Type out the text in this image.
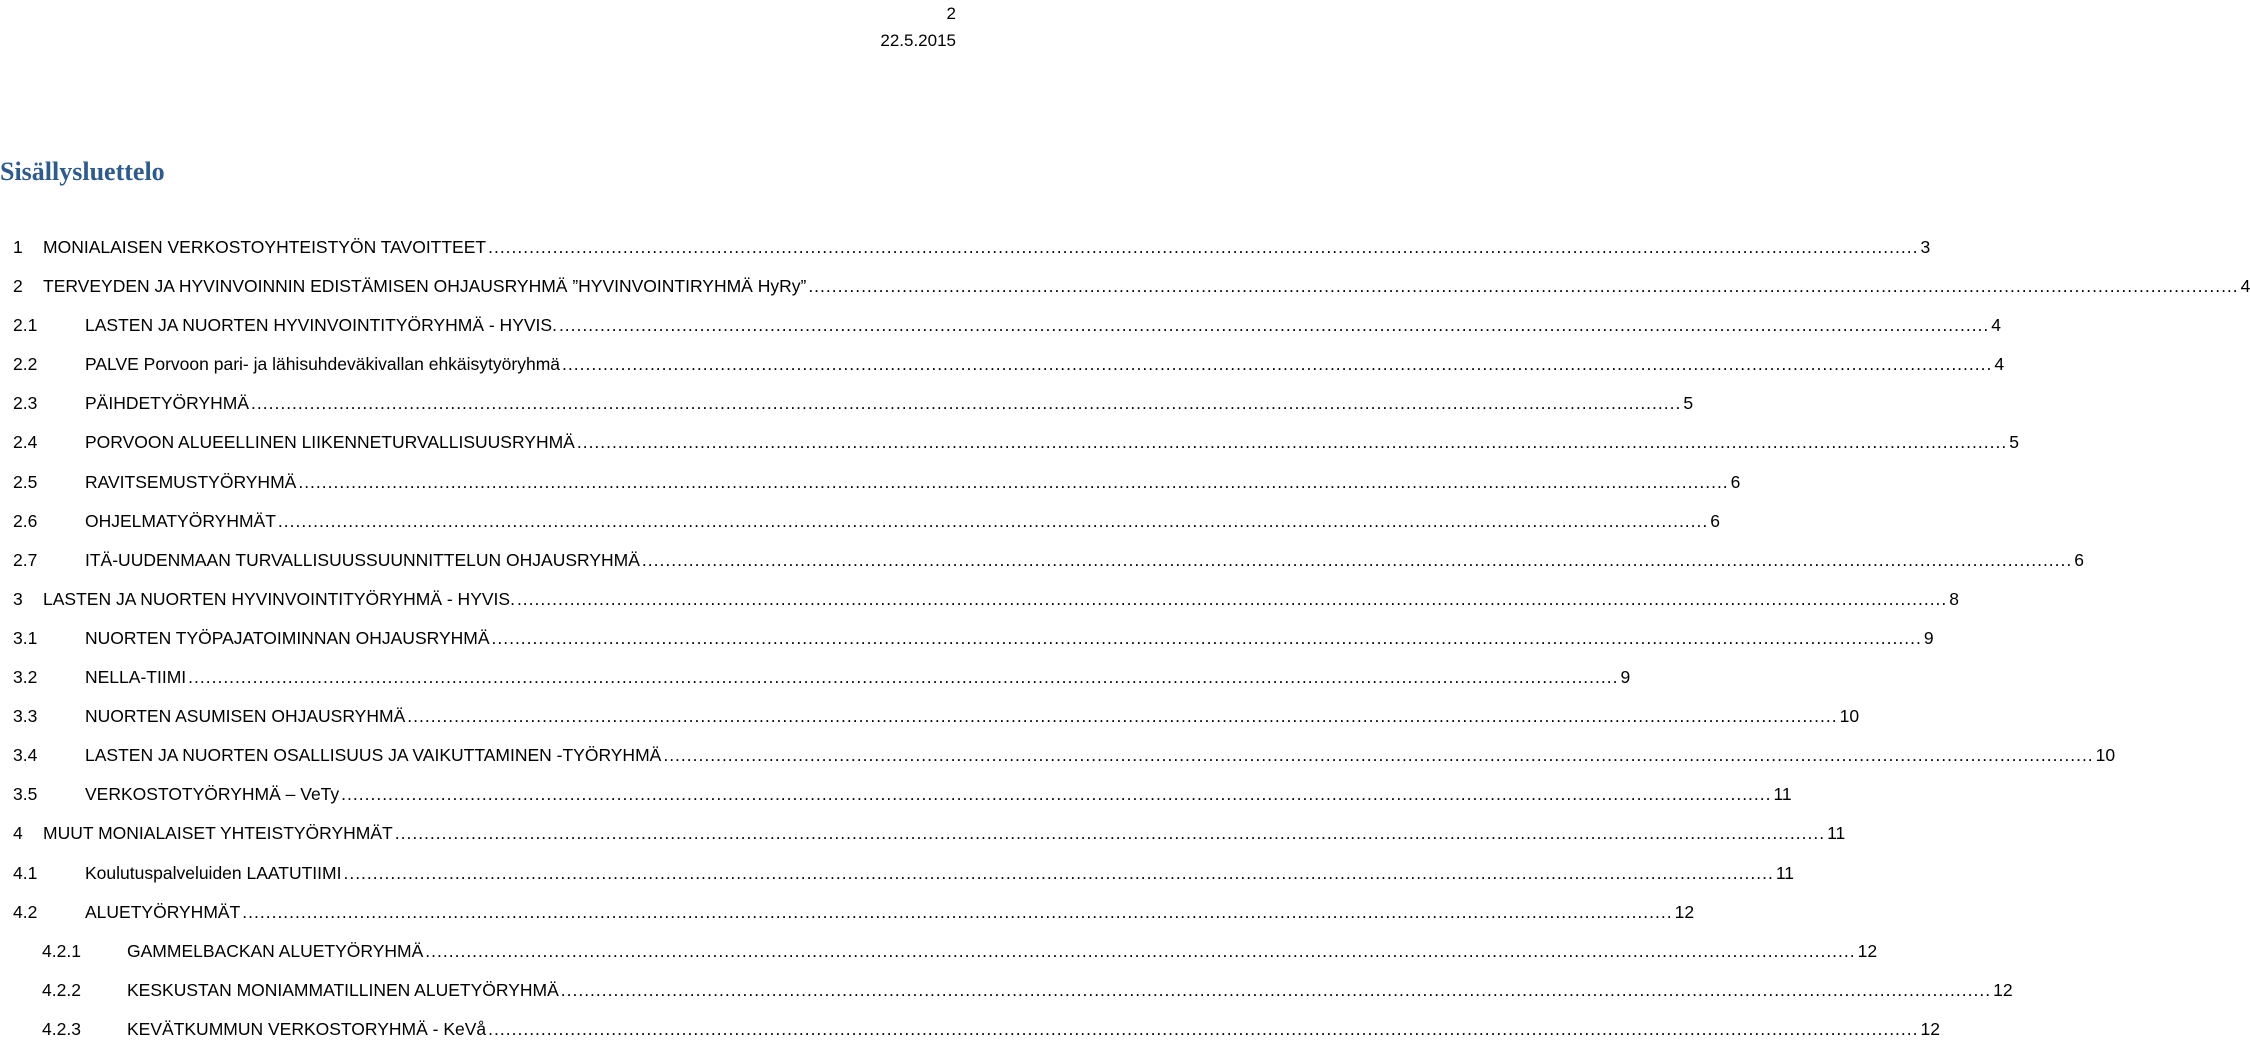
2
22.5.2015
Sisällysluettelo
1	MONIALAISEN VERKOSTOYHTEISTYÖN TAVOITTEET .....	3
2	TERVEYDEN JA HYVINVOINNIN EDISTÄMISEN OHJAUSRYHMÄ ”HYVINVOINTIRYHMÄ HyRy” .....	4
2.1	LASTEN JA NUORTEN HYVINVOINTITYÖRYHMÄ - HYVIS. .....	4
2.2	PALVE Porvoon pari- ja lähisuhdeväkivallan ehkäisytyöryhmä .....	4
2.3	PÄIHDETYÖRYHMÄ .....	5
2.4	PORVOON ALUEELLINEN LIIKENNETURVALLISUUSRYHMÄ .....	5
2.5	RAVITSEMUSTYÖRYHMÄ .....	6
2.6	OHJELMATYÖRYHMÄT .....	6
2.7	ITÄ-UUDENMAAN TURVALLISUUSSUUNNITTELUN OHJAUSRYHMÄ .....	6
3	LASTEN JA NUORTEN HYVINVOINTITYÖRYHMÄ - HYVIS. .....	8
3.1	NUORTEN TYÖPAJATOIMINNAN OHJAUSRYHMÄ .....	9
3.2	NELLA-TIIMI .....	9
3.3	NUORTEN ASUMISEN OHJAUSRYHMÄ .....	10
3.4	LASTEN JA NUORTEN OSALLISUUS JA VAIKUTTAMINEN -TYÖRYHMÄ .....	10
3.5	VERKOSTOTYÖRYHMÄ – VeTy .....	11
4	MUUT MONIALAISET YHTEISTYÖRYHMÄT .....	11
4.1	Koulutuspalveluiden LAATUTIIMI .....	11
4.2	ALUETYÖRYHMÄT .....	12
4.2.1	GAMMELBACKAN ALUETYÖRYHMÄ .....	12
4.2.2	KESKUSTAN MONIAMMATILLINEN ALUETYÖRYHMÄ .....	12
4.2.3	KEVÄTKUMMUN VERKOSTORYHMÄ - KeVå .....	12
